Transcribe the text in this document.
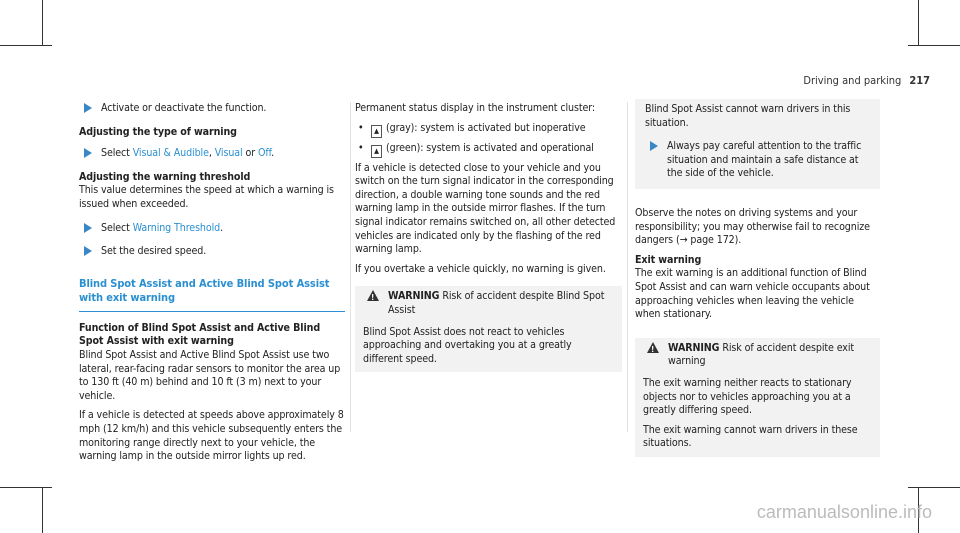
Driving and parking 217
Activate or deactivate the function.

Adjusting the type of warning

Select Visual & Audible, Visual or Off.

Adjusting the warning threshold

This value determines the speed at which a warning is issued when exceeded.

Select Warning Threshold.
Set the desired speed.
Blind Spot Assist and Active Blind Spot Assist with exit warning

Function of Blind Spot Assist and Active Blind Spot Assist with exit warning

Blind Spot Assist and Active Blind Spot Assist use two lateral, rear-facing radar sensors to monitor the area up to 130 ft (40 m) behind and 10 ft (3 m) next to your vehicle.

If a vehicle is detected at speeds above approximately 8 mph (12 km/h) and this vehicle subsequently enters the monitoring range directly next to your vehicle, the warning lamp in the outside mirror lights up red.

Permanent status display in the instrument cluster:

• ▲ (gray): system is activated but inoperative
• ▲ (green): system is activated and operational

If a vehicle is detected close to your vehicle and you switch on the turn signal indicator in the corresponding direction, a double warning tone sounds and the red warning lamp in the outside mirror flashes. If the turn signal indicator remains switched on, all other detected vehicles are indicated only by the flashing of the red warning lamp.

If you overtake a vehicle quickly, no warning is given.

!
WARNING Risk of accident despite Blind Spot Assist

Blind Spot Assist does not react to vehicles approaching and overtaking you at a greatly different speed.

Blind Spot Assist cannot warn drivers in this situation.

Always pay careful attention to the traffic situation and maintain a safe distance at the side of the vehicle.

Observe the notes on driving systems and your responsibility; you may otherwise fail to recognize dangers (→ page 172).

Exit warning

The exit warning is an additional function of Blind Spot Assist and can warn vehicle occupants about approaching vehicles when leaving the vehicle when stationary.

!
WARNING Risk of accident despite exit warning

The exit warning neither reacts to stationary objects nor to vehicles approaching you at a greatly differing speed.

The exit warning cannot warn drivers in these situations.

carmanualsonline.info
